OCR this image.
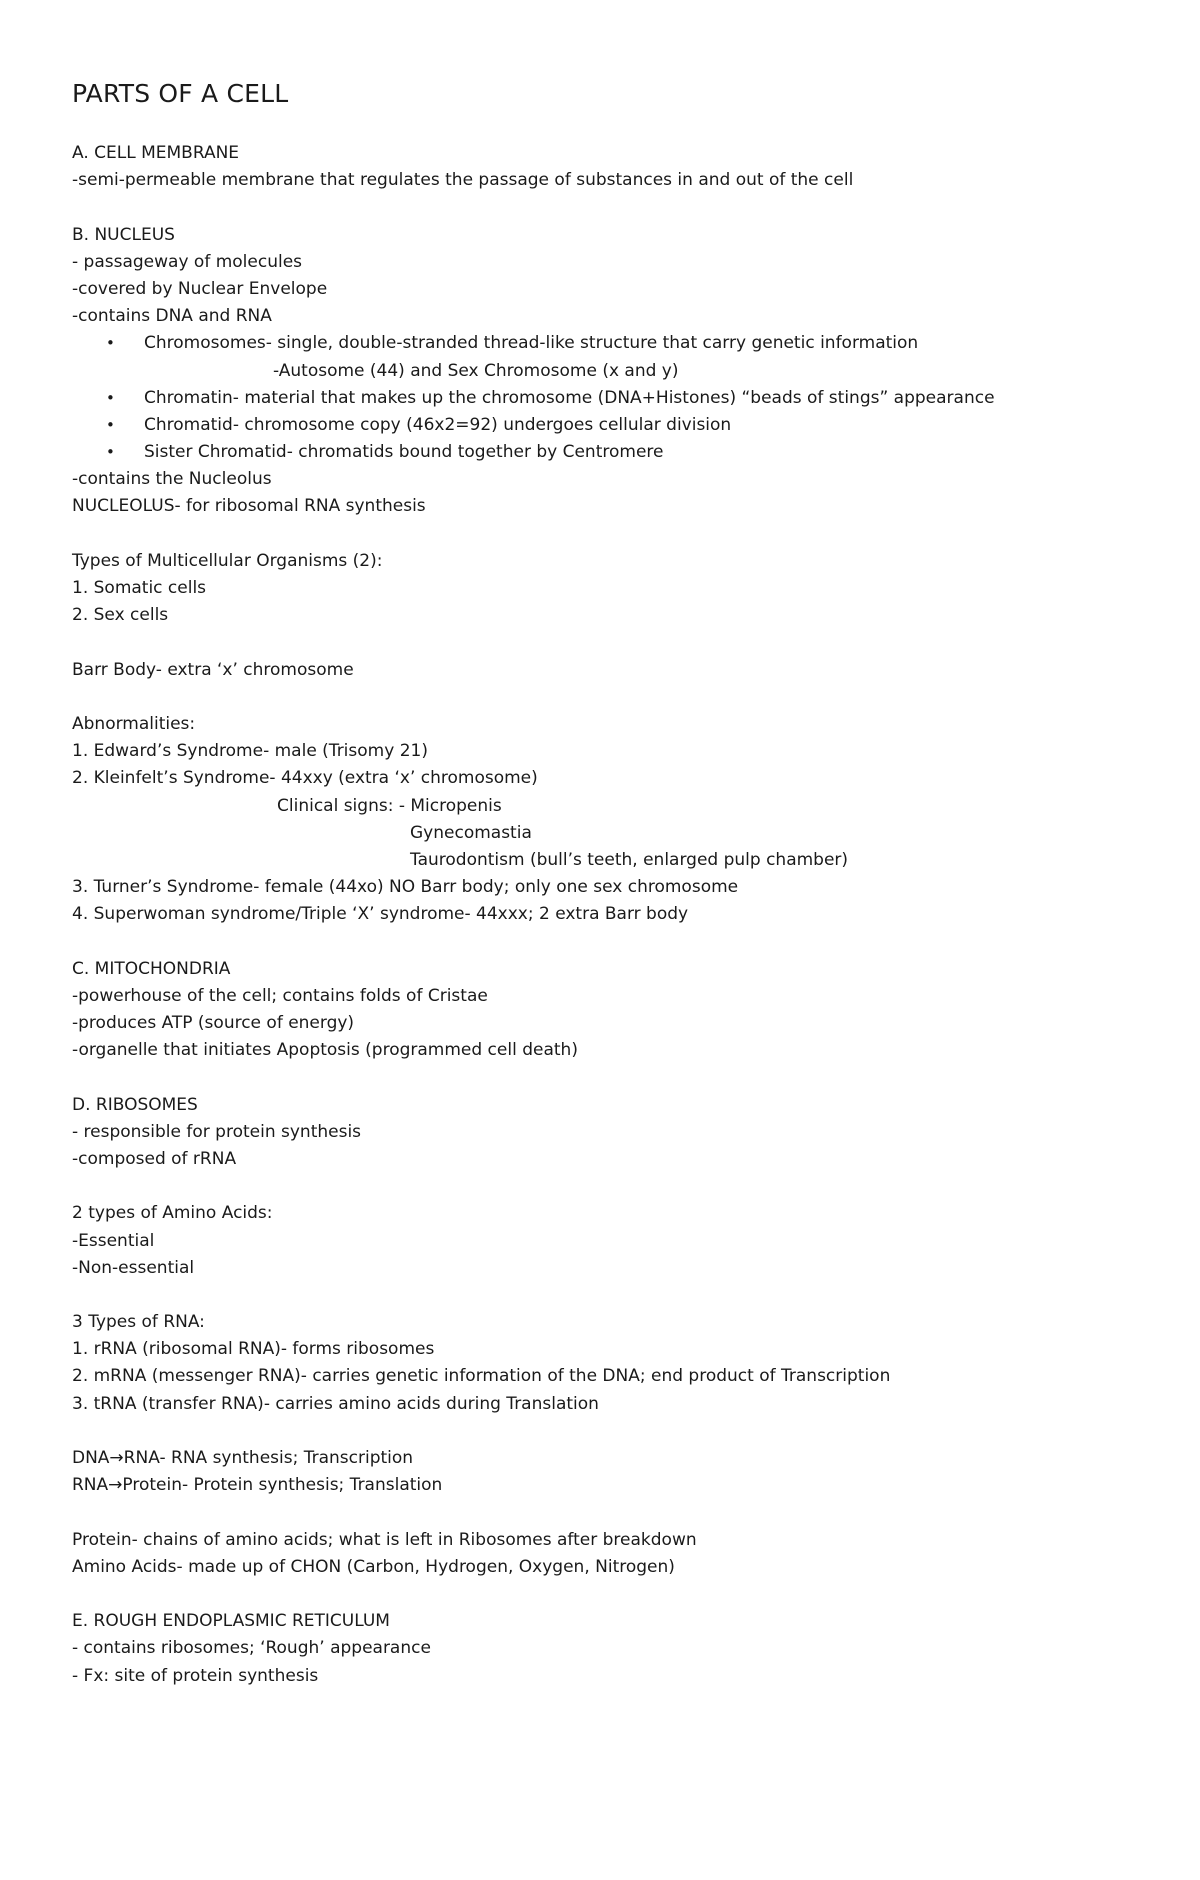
PARTS OF A CELL
A. CELL MEMBRANE
-semi-permeable membrane that regulates the passage of substances in and out of the cell
B. NUCLEUS
- passageway of molecules
-covered by Nuclear Envelope
-contains DNA and RNA
• Chromosomes- single, double-stranded thread-like structure that carry genetic information
-Autosome (44) and Sex Chromosome (x and y)
• Chromatin- material that makes up the chromosome (DNA+Histones) “beads of stings” appearance
• Chromatid- chromosome copy (46x2=92) undergoes cellular division
• Sister Chromatid- chromatids bound together by Centromere
-contains the Nucleolus
NUCLEOLUS- for ribosomal RNA synthesis
Types of Multicellular Organisms (2):
1. Somatic cells
2. Sex cells
Barr Body- extra ‘x’ chromosome
Abnormalities:
1. Edward’s Syndrome- male (Trisomy 21)
2. Kleinfelt’s Syndrome- 44xxy (extra ‘x’ chromosome)
Clinical signs: - Micropenis
Gynecomastia
Taurodontism (bull’s teeth, enlarged pulp chamber)
3. Turner’s Syndrome- female (44xo) NO Barr body; only one sex chromosome
4. Superwoman syndrome/Triple ‘X’ syndrome- 44xxx; 2 extra Barr body
C. MITOCHONDRIA
-powerhouse of the cell; contains folds of Cristae
-produces ATP (source of energy)
-organelle that initiates Apoptosis (programmed cell death)
D. RIBOSOMES
- responsible for protein synthesis
-composed of rRNA
2 types of Amino Acids:
-Essential
-Non-essential
3 Types of RNA:
1. rRNA (ribosomal RNA)- forms ribosomes
2. mRNA (messenger RNA)- carries genetic information of the DNA; end product of Transcription
3. tRNA (transfer RNA)- carries amino acids during Translation
DNA→RNA- RNA synthesis; Transcription
RNA→Protein- Protein synthesis; Translation
Protein- chains of amino acids; what is left in Ribosomes after breakdown
Amino Acids- made up of CHON (Carbon, Hydrogen, Oxygen, Nitrogen)
E. ROUGH ENDOPLASMIC RETICULUM
- contains ribosomes; ‘Rough’ appearance
- Fx: site of protein synthesis
